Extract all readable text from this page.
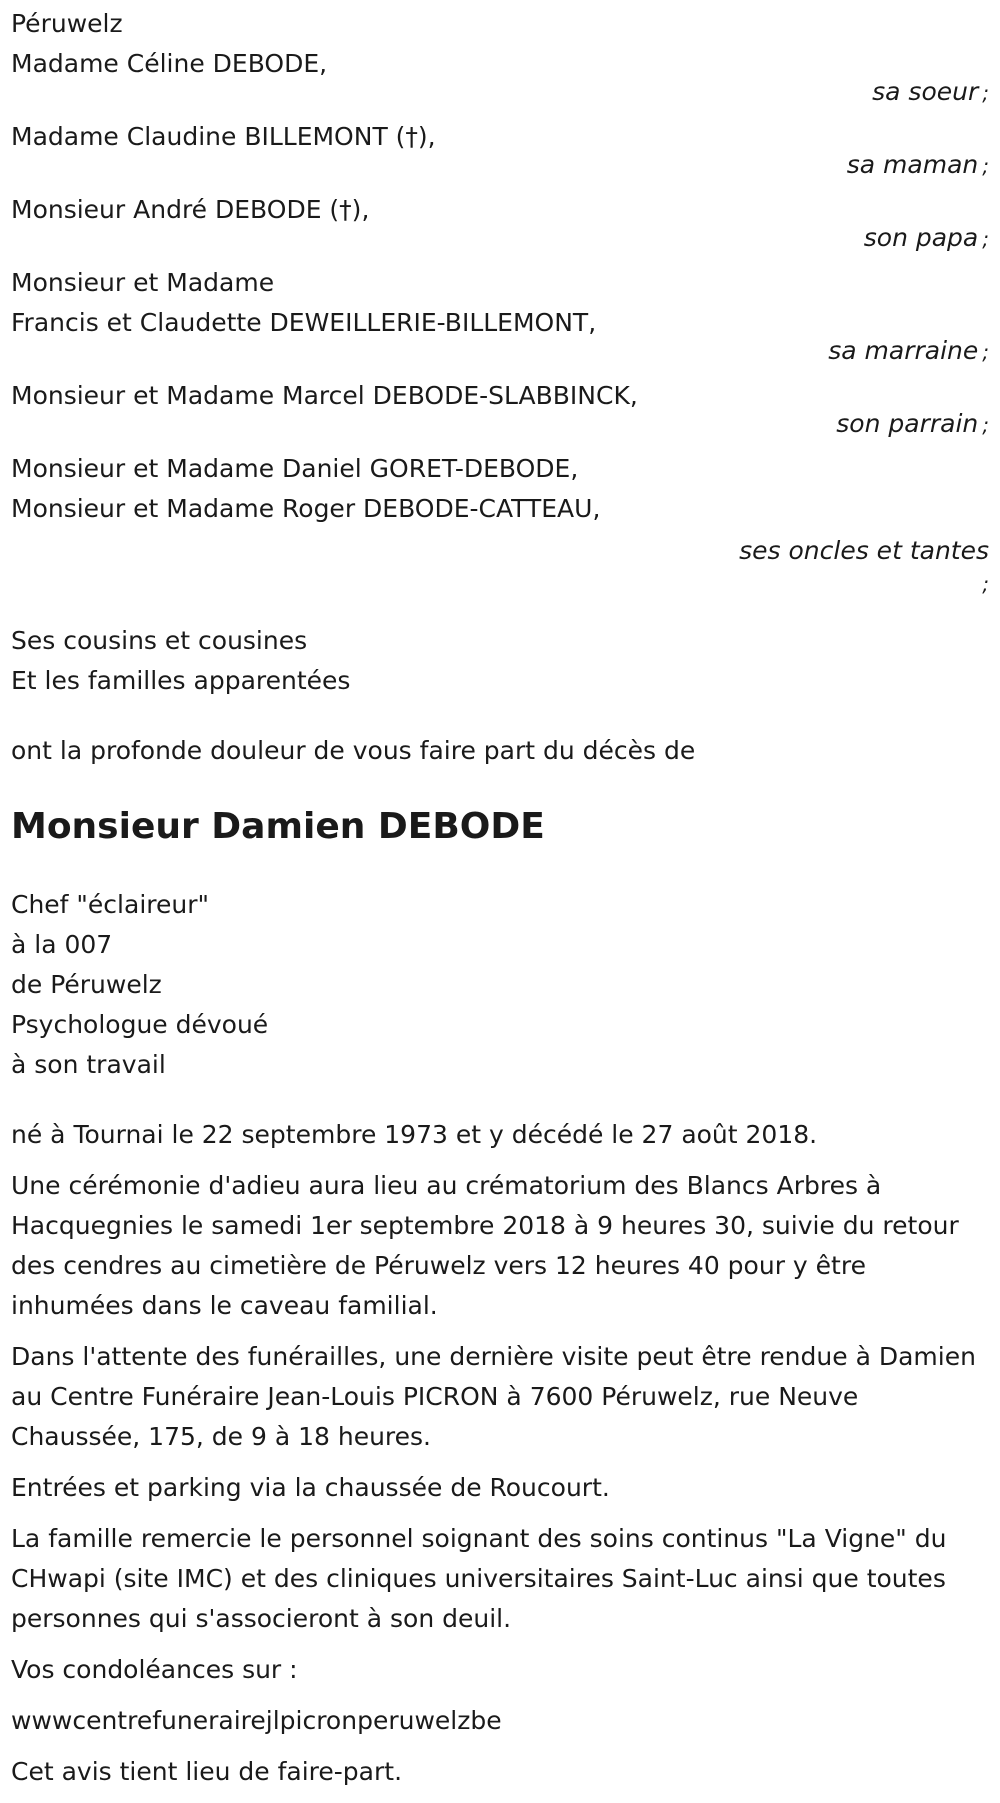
Péruwelz
Madame Céline DEBODE,
sa soeur ;
Madame Claudine BILLEMONT (†),
sa maman ;
Monsieur André DEBODE (†),
son papa ;
Monsieur et Madame
Francis et Claudette DEWEILLERIE-BILLEMONT,
sa marraine ;
Monsieur et Madame Marcel DEBODE-SLABBINCK,
son parrain ;
Monsieur et Madame Daniel GORET-DEBODE,
Monsieur et Madame Roger DEBODE-CATTEAU,
ses oncles et tantes
;
Ses cousins et cousines
Et les familles apparentées
ont la profonde douleur de vous faire part du décès de
Monsieur Damien DEBODE
Chef "éclaireur"
à la 007
de Péruwelz
Psychologue dévoué
à son travail
né à Tournai le 22 septembre 1973 et y décédé le 27 août 2018.
Une cérémonie d'adieu aura lieu au crématorium des Blancs Arbres à Hacquegnies le samedi 1er septembre 2018 à 9 heures 30, suivie du retour des cendres au cimetière de Péruwelz vers 12 heures 40 pour y être inhumées dans le caveau familial.
Dans l'attente des funérailles, une dernière visite peut être rendue à Damien au Centre Funéraire Jean-Louis PICRON à 7600 Péruwelz, rue Neuve Chaussée, 175, de 9 à 18 heures.
Entrées et parking via la chaussée de Roucourt.
La famille remercie le personnel soignant des soins continus "La Vigne" du CHwapi (site IMC) et des cliniques universitaires Saint-Luc ainsi que toutes personnes qui s'associeront à son deuil.
Vos condoléances sur :
wwwcentrefunerairejlpicronperuwelzbe
Cet avis tient lieu de faire-part.
